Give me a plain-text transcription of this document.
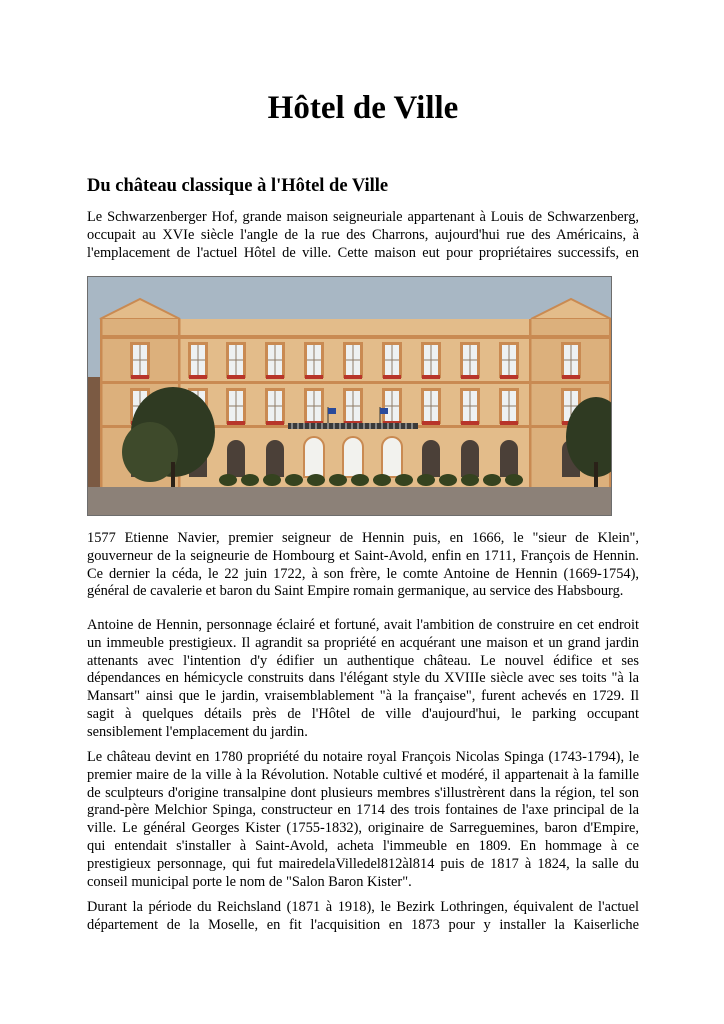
Hôtel de Ville
Du château classique à l'Hôtel de Ville
Le Schwarzenberger Hof, grande maison seigneuriale appartenant à Louis de Schwarzenberg,
occupait au XVIe siècle l'angle de la rue des Charrons, aujourd'hui rue des Américains, à
l'emplacement de l'actuel Hôtel de ville. Cette maison eut pour propriétaires successifs, en
1577 Etienne Navier, premier seigneur de Hennin puis, en 1666, le "sieur de Klein",
gouverneur de la seigneurie de Hombourg et Saint-Avold, enfin en 1711, François de Hennin.
Ce dernier la céda, le 22 juin 1722, à son frère, le comte Antoine de Hennin (1669-1754),
général de cavalerie et baron du Saint Empire romain germanique, au service des Habsbourg.
Antoine de Hennin, personnage éclairé et fortuné, avait l'ambition de construire en cet endroit
un immeuble prestigieux. Il agrandit sa propriété en acquérant une maison et un grand jardin
attenants avec l'intention d'y édifier un authentique château. Le nouvel édifice et ses
dépendances en hémicycle construits dans l'élégant style du XVIIIe siècle avec ses toits "à la
Mansart" ainsi que le jardin, vraisemblablement "à la française", furent achevés en 1729. Il
sagit à quelques détails près de l'Hôtel de ville d'aujourd'hui, le parking occupant
sensiblement l'emplacement du jardin.
Le château devint en 1780 propriété du notaire royal François Nicolas Spinga (1743-1794), le
premier maire de la ville à la Révolution. Notable cultivé et modéré, il appartenait à la famille
de sculpteurs d'origine transalpine dont plusieurs membres s'illustrèrent dans la région, tel son
grand-père Melchior Spinga, constructeur en 1714 des trois fontaines de l'axe principal de la
ville. Le général Georges Kister (1755-1832), originaire de Sarreguemines, baron d'Empire,
qui entendait s'installer à Saint-Avold, acheta l'immeuble en 1809. En hommage à ce
prestigieux personnage, qui fut mairedelaVilledel812àl814 puis de 1817 à 1824, la salle du
conseil municipal porte le nom de "Salon Baron Kister".
Durant la période du Reichsland (1871 à 1918), le Bezirk Lothringen, équivalent de l'actuel
département de la Moselle, en fit l'acquisition en 1873 pour y installer la Kaiserliche
